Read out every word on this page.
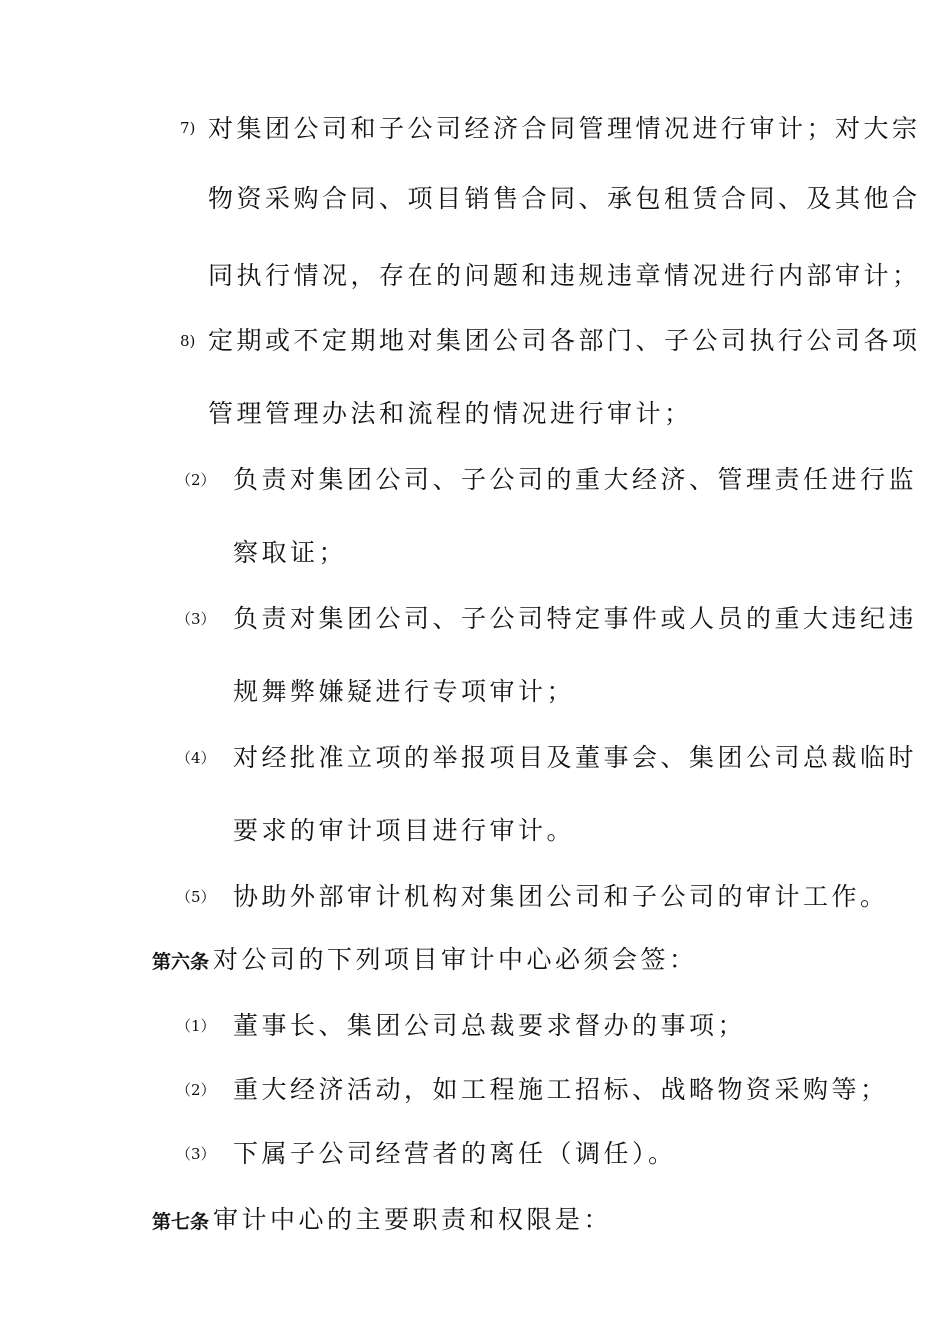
7) 对集团公司和子公司经济合同管理情况进行审计；对大宗
物资采购合同、项目销售合同、承包租赁合同、及其他合
同执行情况，存在的问题和违规违章情况进行内部审计；
8) 定期或不定期地对集团公司各部门、子公司执行公司各项
管理管理办法和流程的情况进行审计；
（2） 负责对集团公司、子公司的重大经济、管理责任进行监
察取证；
（3） 负责对集团公司、子公司特定事件或人员的重大违纪违
规舞弊嫌疑进行专项审计；
（4） 对经批准立项的举报项目及董事会、集团公司总裁临时
要求的审计项目进行审计。
（5） 协助外部审计机构对集团公司和子公司的审计工作。
第六条 对公司的下列项目审计中心必须会签：
（1） 董事长、集团公司总裁要求督办的事项；
（2） 重大经济活动，如工程施工招标、战略物资采购等；
（3） 下属子公司经营者的离任（调任）。
第七条 审计中心的主要职责和权限是：
